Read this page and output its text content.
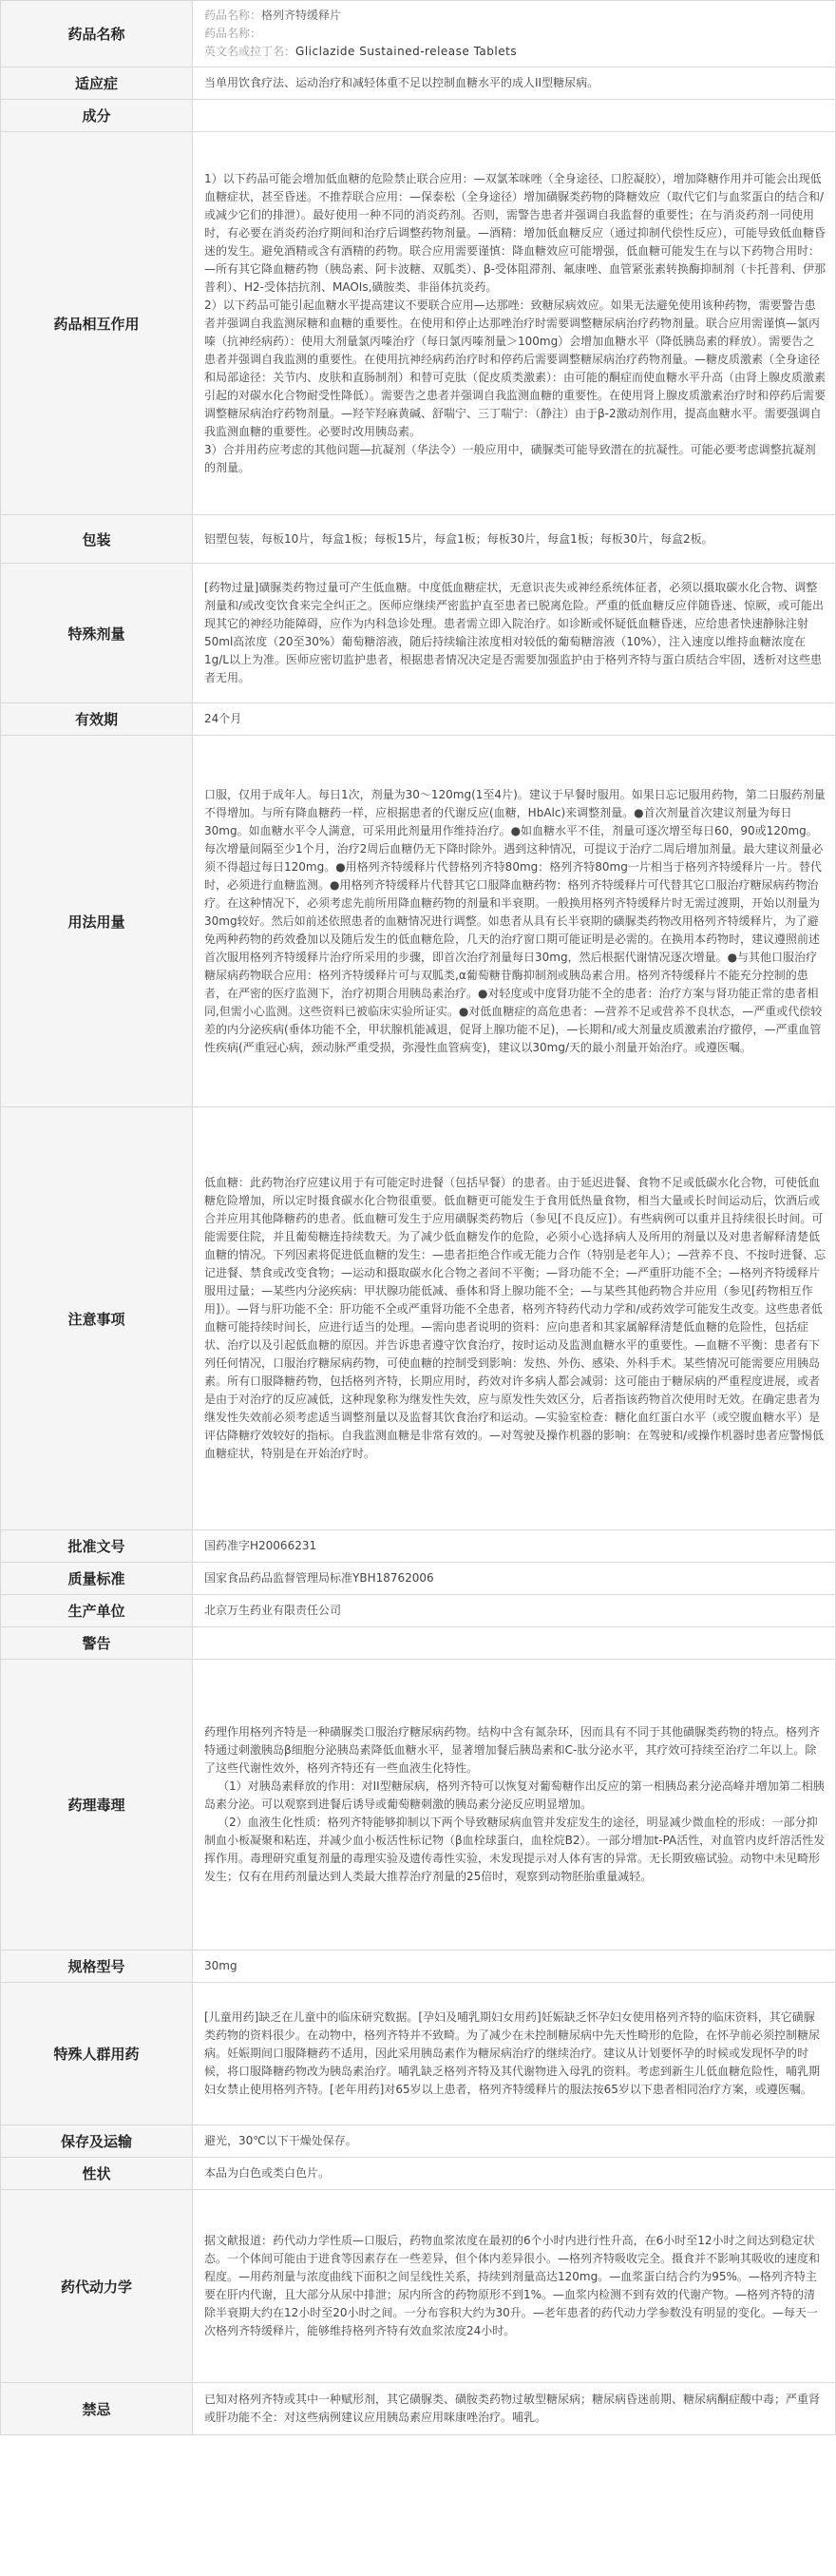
药品名称	药品名称：格列齐特缓释片
药品名称：
英文名或拉丁名：Gliclazide Sustained-release Tablets

适应症	当单用饮食疗法、运动治疗和减轻体重不足以控制血糖水平的成人II型糖尿病。

成分	
药品相互作用	1）以下药品可能会增加低血糖的危险禁止联合应用：—双氯苯咪唑（全身途径、口腔凝胶），增加降糖作用并可能会出现低血糖症状，甚至昏迷。不推荐联合应用：—保泰松（全身途径）增加磺脲类药物的降糖效应（取代它们与血浆蛋白的结合和/或减少它们的排泄）。最好使用一种不同的消炎药剂。否则，需警告患者并强调自我监督的重要性；在与消炎药剂一同使用时，有必要在消炎药治疗期间和治疗后调整药物剂量。—酒精：增加低血糖反应（通过抑制代偿性反应），可能导致低血糖昏迷的发生。避免酒精或含有酒精的药物。联合应用需要谨慎：降血糖效应可能增强，低血糖可能发生在与以下药物合用时：—所有其它降血糖药物（胰岛素、阿卡波糖、双胍类）、β-受体阻滞剂、氟康唑、血管紧张素转换酶抑制剂（卡托普利、伊那普利）、H2-受体拮抗剂、MAOIs,磺胺类、非甾体抗炎药。

2）以下药品可能引起血糖水平提高建议不要联合应用—达那唑：致糖尿病效应。如果无法避免使用该种药物，需要警告患者并强调自我监测尿糖和血糖的重要性。在使用和停止达那唑治疗时需要调整糖尿病治疗药物剂量。联合应用需谨慎—氯丙嗪（抗神经病药）：使用大剂量氯丙嗪治疗（每日氯丙嗪剂量＞100mg）会增加血糖水平（降低胰岛素的释放）。需要告之患者并强调自我监测的重要性。在使用抗神经病药治疗时和停药后需要调整糖尿病治疗药物剂量。—糖皮质激素（全身途径和局部途径：关节内、皮肤和直肠制剂）和替可克肽（促皮质类激素）：由可能的酮症而使血糖水平升高（由肾上腺皮质激素引起的对碳水化合物耐受性降低）。需要告之患者并强调自我监测血糖的重要性。在使用肾上腺皮质激素治疗时和停药后需要调整糖尿病治疗药物剂量。—羟苄羟麻黄碱、舒喘宁、三丁喘宁：（静注）由于β-2激动剂作用，提高血糖水平。需要强调自我监测血糖的重要性。必要时改用胰岛素。

3）合并用药应考虑的其他问题—抗凝剂（华法令）一般应用中，磺脲类可能导致潜在的抗凝性。可能必要考虑调整抗凝剂的剂量。

包装	铝塑包装，每板10片，每盒1板；每板15片，每盒1板；每板30片，每盒1板；每板30片，每盒2板。

特殊剂量	[药物过量]磺脲类药物过量可产生低血糖。中度低血糖症状，无意识丧失或神经系统体征者，必须以摄取碳水化合物、调整剂量和/或改变饮食来完全纠正之。医师应继续严密监护直至患者已脱离危险。严重的低血糖反应伴随昏迷、惊厥，或可能出现其它的神经功能障碍，应作为内科急诊处理。患者需立即入院治疗。如诊断或怀疑低血糖昏迷，应给患者快速静脉注射50ml高浓度（20至30%）葡萄糖溶液，随后持续输注浓度相对较低的葡萄糖溶液（10%），注入速度以维持血糖浓度在1g/L以上为准。医师应密切监护患者，根据患者情况决定是否需要加强监护由于格列齐特与蛋白质结合牢固，透析对这些患者无用。

有效期	24个月

用法用量	口服，仅用于成年人。每日1次，剂量为30～120mg(1至4片)。建议于早餐时服用。如果日忘记服用药物，第二日服药剂量不得增加。与所有降血糖药一样，应根据患者的代谢反应(血糖，HbAlc)来调整剂量。●首次剂量首次建议剂量为每日30mg。如血糖水平令人满意，可采用此剂量用作维持治疗。●如血糖水平不佳，剂量可逐次增至每日60，90或120mg。每次增量间隔至少1个月，治疗2周后血糖仍无下降时除外。遇到这种情况，可提议于治疗二周后增加剂量。最大建议剂量必须不得超过每日120mg。●用格列齐特缓释片代替格列齐特80mg：格列齐特80mg一片相当于格列齐特缓释片一片。替代时，必须进行血糖监测。●用格列齐特缓释片代替其它口服降血糖药物：格列齐特缓释片可代替其它口服治疗糖尿病药物治疗。在这种情况下，必须考虑先前所用降血糖药物的剂量和半衰期。一般换用格列齐特缓释片时无需过渡期，开始以剂量为30mg较好。然后如前述依照患者的血糖情况进行调整。如患者从具有长半衰期的磺脲类药物改用格列齐特缓释片，为了避免两种药物的药效叠加以及随后发生的低血糖危险，几天的治疗窗口期可能证明是必需的。在换用本药物时，建议遵照前述首次服用格列齐特缓释片治疗所采用的步骤，即首次治疗剂量每日30mg，然后根据代谢情况逐次增量。●与其他口服治疗糖尿病药物联合应用：格列齐特缓释片可与双胍类,α葡萄糖苷酶抑制剂或胰岛素合用。格列齐特缓释片不能充分控制的患者，在严密的医疗监测下，治疗初期合用胰岛素治疗。●对轻度或中度肾功能不全的患者：治疗方案与肾功能正常的患者相同,但需小心监测。这些资料已被临床实验所证实。●对低血糖症的高危患者：—营养不足或营养不良状态，—严重或代偿较差的内分泌疾病(垂体功能不全，甲状腺机能减退，促肾上腺功能不足)，—长期和/或大剂量皮质激素治疗撤停，—严重血管性疾病(严重冠心病，颈动脉严重受损，弥漫性血管病变)，建议以30mg/天的最小剂量开始治疗。或遵医嘱。

注意事项	低血糖：此药物治疗应建议用于有可能定时进餐（包括早餐）的患者。由于延迟进餐、食物不足或低碳水化合物，可使低血糖危险增加，所以定时摄食碳水化合物很重要。低血糖更可能发生于食用低热量食物，相当大量或长时间运动后，饮酒后或合并应用其他降糖药的患者。低血糖可发生于应用磺脲类药物后（参见[不良反应]）。有些病例可以重并且持续很长时间。可能需要住院，并且葡萄糖连持续数天。为了减少低血糖发作的危险，必须小心选择病人及所用的剂量以及对患者解释清楚低血糖的情况。下列因素将促进低血糖的发生：—患者拒绝合作或无能力合作（特别是老年人）；—营养不良、不按时进餐、忘记进餐、禁食或改变食物；—运动和摄取碳水化合物之者间不平衡；—肾功能不全；—严重肝功能不全；—格列齐特缓释片服用过量；—某些内分泌疾病：甲状腺功能低减、垂体和肾上腺功能不全；—与某些其他药物合并应用（参见[药物相互作用]）。—肾与肝功能不全：肝功能不全或严重肾功能不全患者，格列齐特药代动力学和/或药效学可能发生改变。这些患者低血糖可能持续时间长，应进行适当的处理。—需向患者说明的资料：应向患者和其家属解释清楚低血糖的危险性，包括症状、治疗以及引起低血糖的原因。并告诉患者遵守饮食治疗，按时运动及监测血糖水平的重要性。—血糖不平衡：患者有下列任何情况，口服治疗糖尿病药物，可使血糖的控制受到影响：发热、外伤、感染、外科手术。某些情况可能需要应用胰岛素。所有口服降糖药物，包括格列齐特，长期应用时，药效对许多病人都会减弱：这可能由于糖尿病的严重程度进展，或者是由于对治疗的反应减低，这种现象称为继发性失效，应与原发性失效区分，后者指该药物首次使用时无效。在确定患者为继发性失效前必须考虑适当调整剂量以及监督其饮食治疗和运动。—实验室检查：糖化血红蛋白水平（或空腹血糖水平）是评估降糖疗效较好的指标。自我监测血糖是非常有效的。—对驾驶及操作机器的影响：在驾驶和/或操作机器时患者应警惕低血糖症状，特别是在开始治疗时。

批准文号	国药准字H20066231

质量标准	国家食品药品监督管理局标准YBH18762006

生产单位	北京万生药业有限责任公司

警告	
药理毒理	药理作用格列齐特是一种磺脲类口服治疗糖尿病药物。结构中含有氮杂环，因而具有不同于其他磺脲类药物的特点。格列齐特通过刺激胰岛β细胞分泌胰岛素降低血糖水平，显著增加餐后胰岛素和C-肽分泌水平，其疗效可持续至治疗二年以上。除了这些代谢性效外，格列齐特还有一些血液生化特性。

（1）对胰岛素释放的作用：对II型糖尿病，格列齐特可以恢复对葡萄糖作出反应的第一相胰岛素分泌高峰并增加第二相胰岛素分泌。可以观察到进餐后诱导或葡萄糖刺激的胰岛素分泌反应明显增加。

（2）血液生化性质：格列齐特能够抑制以下两个导致糖尿病血管并发症发生的途径，明显减少微血栓的形成：一部分抑制血小板凝聚和粘连，并减少血小板活性标记物（β血栓球蛋白，血栓烷B2）。一部分增加t-PA活性，对血管内皮纤溶活性发挥作用。毒理研究重复剂量的毒理实验及遗传毒性实验，未发现提示对人体有害的异常。无长期致癌试验。动物中未见畸形发生；仅有在用药剂量达到人类最大推荐治疗剂量的25倍时，观察到动物胚胎重量减轻。

规格型号	30mg

特殊人群用药	[儿童用药]缺乏在儿童中的临床研究数据。[孕妇及哺乳期妇女用药]妊娠缺乏怀孕妇女使用格列齐特的临床资料，其它磺脲类药物的资料很少。在动物中，格列齐特并不致畸。为了减少在未控制糖尿病中先天性畸形的危险，在怀孕前必须控制糖尿病。妊娠期间口服降糖药不适用，因此采用胰岛素作为糖尿病治疗的继续治疗。建议从计划要怀孕的时候或发现怀孕的时候，将口服降糖药物改为胰岛素治疗。哺乳缺乏格列齐特及其代谢物进入母乳的资料。考虑到新生儿低血糖危险性，哺乳期妇女禁止使用格列齐特。[老年用药]对65岁以上患者，格列齐特缓释片的服法按65岁以下患者相同治疗方案，或遵医嘱。

保存及运输	避光，30℃以下干燥处保存。

性状	本品为白色或类白色片。

药代动力学	据文献报道：药代动力学性质—口服后，药物血浆浓度在最初的6个小时内进行性升高，在6小时至12小时之间达到稳定状态。一个体间可能由于进食等因素存在一些差异，但个体内差异很小。—格列齐特吸收完全。摄食并不影响其吸收的速度和程度。—用药剂量与浓度曲线下面积之间呈线性关系，持续到剂量高达120mg。—血浆蛋白结合约为95%。—格列齐特主要在肝内代谢，且大部分从尿中排泄；尿内所含的药物原形不到1%。—血浆内检测不到有效的代谢产物。—格列齐特的清除半衰期大约在12小时至20小时之间。一分布容积大约为30升。—老年患者的药代动力学参数没有明显的变化。—每天一次格列齐特缓释片，能够维持格列齐特有效血浆浓度24小时。

禁忌	已知对格列齐特或其中一种赋形剂，其它磺脲类、磺胺类药物过敏型糖尿病；糖尿病昏迷前期、糖尿病酮症酸中毒；严重肾或肝功能不全：对这些病例建议应用胰岛素应用咪康唑治疗。哺乳。
